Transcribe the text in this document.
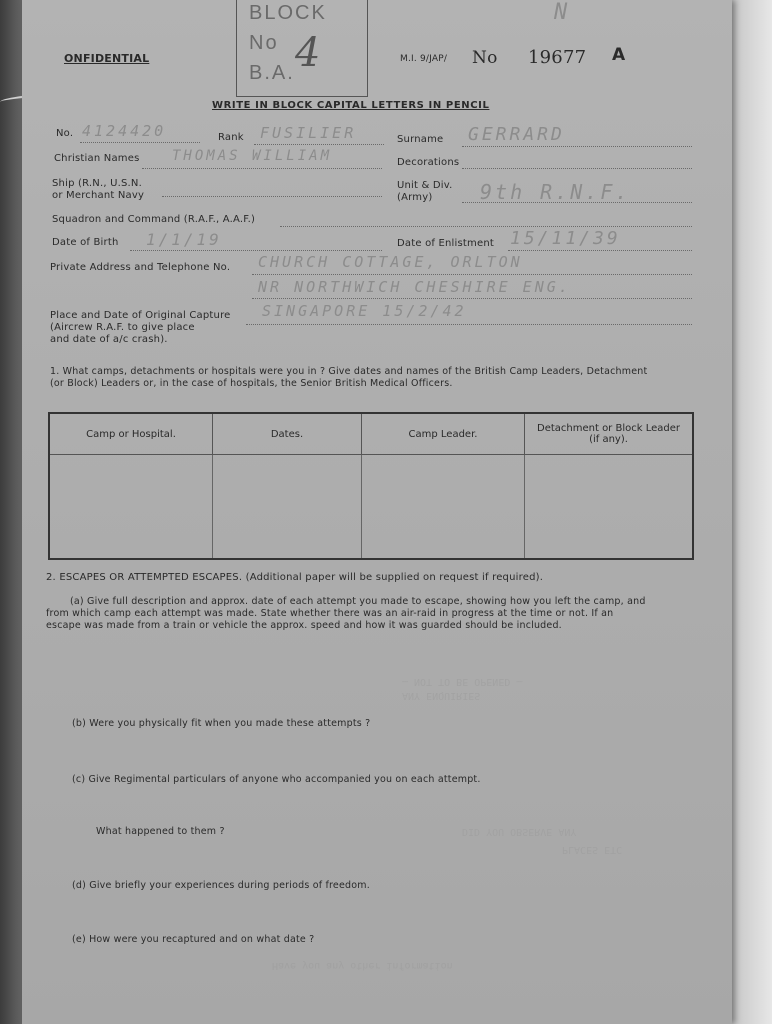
BLOCK
No
B.A. 4
ONFIDENTIAL	M.I. 9/JAP/ No 19677 A
N
WRITE IN BLOCK CAPITAL LETTERS IN PENCIL
No. 4124420	Rank FUSILIER	Surname GERRARD
Christian Names THOMAS WILLIAM	Decorations
Ship (R.N., U.S.N.
or Merchant Navy
Unit & Div.
(Army) 9th R.N.F.
Squadron and Command (R.A.F., A.A.F.)
Date of Birth 1/1/19	Date of Enlistment 15/11/39
Private Address and Telephone No. CHURCH COTTAGE, ORLTON
NR NORTHWICH CHESHIRE ENG.
Place and Date of Original Capture
(Aircrew R.A.F. to give place
and date of a/c crash).
SINGAPORE 15/2/42
1. What camps, detachments or hospitals were you in ? Give dates and names of the British Camp Leaders, Detachment
(or Block) Leaders or, in the case of hospitals, the Senior British Medical Officers.
Camp or Hospital.	Dates.	Camp Leader.	Detachment or Block Leader (if any).

2. ESCAPES OR ATTEMPTED ESCAPES. (Additional paper will be supplied on request if required).
(a) Give full description and approx. date of each attempt you made to escape, showing how you left the camp, and
from which camp each attempt was made. State whether there was an air-raid in progress at the time or not. If an
escape was made from a train or vehicle the approx. speed and how it was guarded should be included.
— NOT TO BE OPENED —
ANY ENQUIRIES
(b) Were you physically fit when you made these attempts ?
(c) Give Regimental particulars of anyone who accompanied you on each attempt.
What happened to them ?	DID YOU OBSERVE ANY
PLACES ETC
(d) Give briefly your experiences during periods of freedom.
(e) How were you recaptured and on what date ?
Have you any other information
